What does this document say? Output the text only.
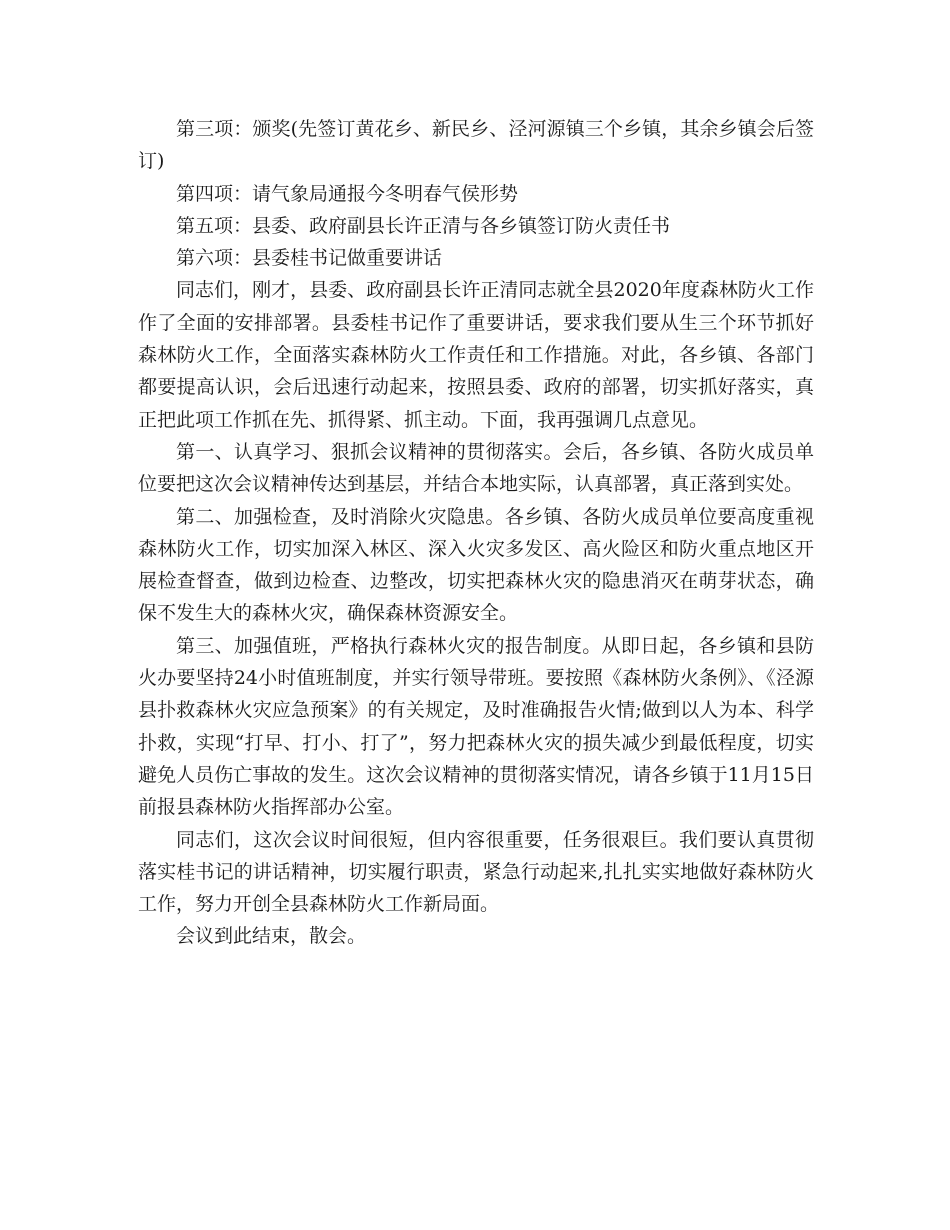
第三项：颁奖(先签订黄花乡、新民乡、泾河源镇三个乡镇，其余乡镇会后签订)

第四项：请气象局通报今冬明春气侯形势

第五项：县委、政府副县长许正清与各乡镇签订防火责任书

第六项：县委桂书记做重要讲话

同志们，刚才，县委、政府副县长许正清同志就全县2020年度森林防火工作作了全面的安排部署。县委桂书记作了重要讲话，要求我们要从生三个环节抓好森林防火工作，全面落实森林防火工作责任和工作措施。对此，各乡镇、各部门都要提高认识，会后迅速行动起来，按照县委、政府的部署，切实抓好落实，真正把此项工作抓在先、抓得紧、抓主动。下面，我再强调几点意见。

第一、认真学习、狠抓会议精神的贯彻落实。会后，各乡镇、各防火成员单位要把这次会议精神传达到基层，并结合本地实际，认真部署，真正落到实处。

第二、加强检查，及时消除火灾隐患。各乡镇、各防火成员单位要高度重视森林防火工作，切实加深入林区、深入火灾多发区、高火险区和防火重点地区开展检查督查，做到边检查、边整改，切实把森林火灾的隐患消灭在萌芽状态，确保不发生大的森林火灾，确保森林资源安全。

第三、加强值班，严格执行森林火灾的报告制度。从即日起，各乡镇和县防火办要坚持24小时值班制度，并实行领导带班。要按照《森林防火条例》、《泾源县扑救森林火灾应急预案》的有关规定，及时准确报告火情;做到以人为本、科学扑救，实现“打早、打小、打了”，努力把森林火灾的损失减少到最低程度，切实避免人员伤亡事故的发生。这次会议精神的贯彻落实情况，请各乡镇于11月15日前报县森林防火指挥部办公室。

同志们，这次会议时间很短，但内容很重要，任务很艰巨。我们要认真贯彻落实桂书记的讲话精神，切实履行职责，紧急行动起来,扎扎实实地做好森林防火工作，努力开创全县森林防火工作新局面。

会议到此结束，散会。
